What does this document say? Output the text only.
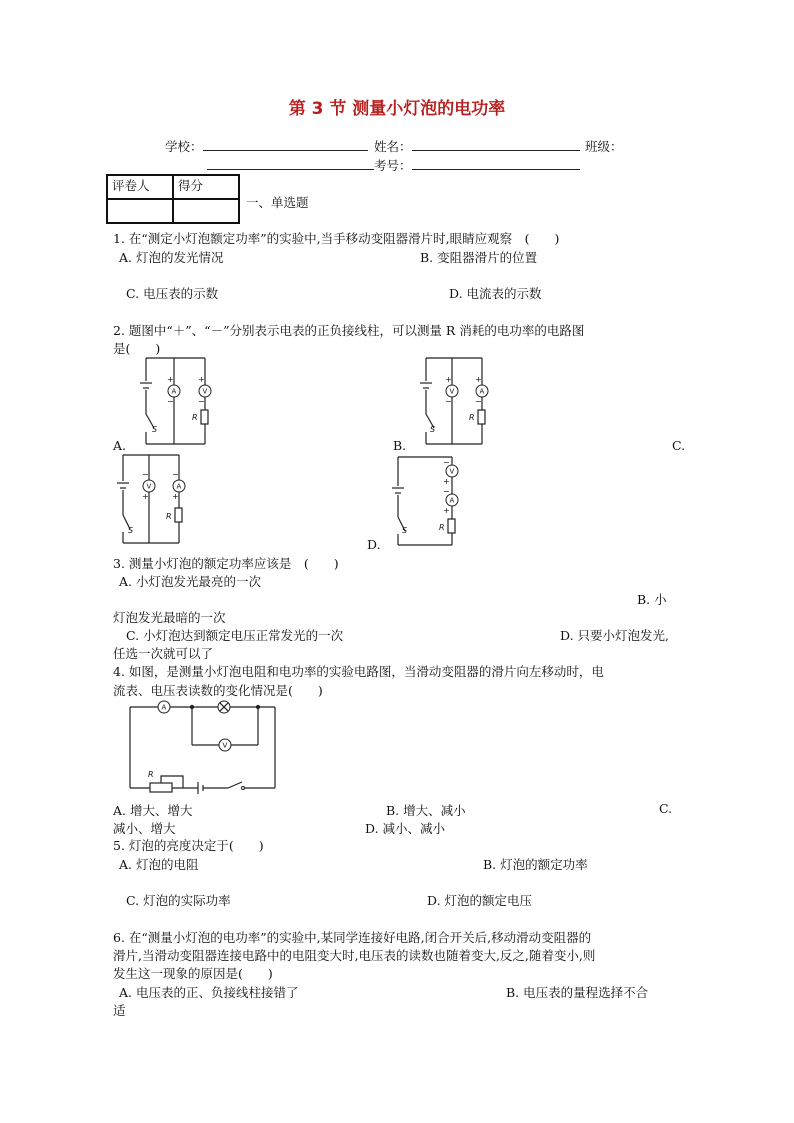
第 3 节 测量小灯泡的电功率
学校：	姓名：	班级：
考号：
评卷人	得分

一、单选题
1. 在“测定小灯泡额定功率”的实验中,当手移动变阻器滑片时,眼睛应观察　(　　)
A. 灯泡的发光情况	B. 变阻器滑片的位置
C. 电压表的示数	D. 电流表的示数
2. 题图中“＋”、“－”分别表示电表的正负接线柱，可以测量 R 消耗的电功率的电路图
是(　　)
S
A
+
−
V
+
−
R
A.
S
V
+
−
A
+
−
R
B.	C.
S
V
−
+
A
−
+
R
S
V
−
+
A
−
+
R
D.
3. 测量小灯泡的额定功率应该是　(　　)
A. 小灯泡发光最亮的一次
B. 小
灯泡发光最暗的一次
C. 小灯泡达到额定电压正常发光的一次	D. 只要小灯泡发光,
任选一次就可以了
4. 如图，是测量小灯泡电阻和电功率的实验电路图，当滑动变阻器的滑片向左移动时，电
流表、电压表读数的变化情况是(　　)
A
V
R
A. 增大、增大	B. 增大、减小	C.
减小、增大	D. 减小、减小
5. 灯泡的亮度决定于(　　)
A. 灯泡的电阻	B. 灯泡的额定功率
C. 灯泡的实际功率	D. 灯泡的额定电压
6. 在“测量小灯泡的电功率”的实验中,某同学连接好电路,闭合开关后,移动滑动变阻器的
滑片,当滑动变阻器连接电路中的电阻变大时,电压表的读数也随着变大,反之,随着变小,则
发生这一现象的原因是(　　)
A. 电压表的正、负接线柱接错了	B. 电压表的量程选择不合
适
